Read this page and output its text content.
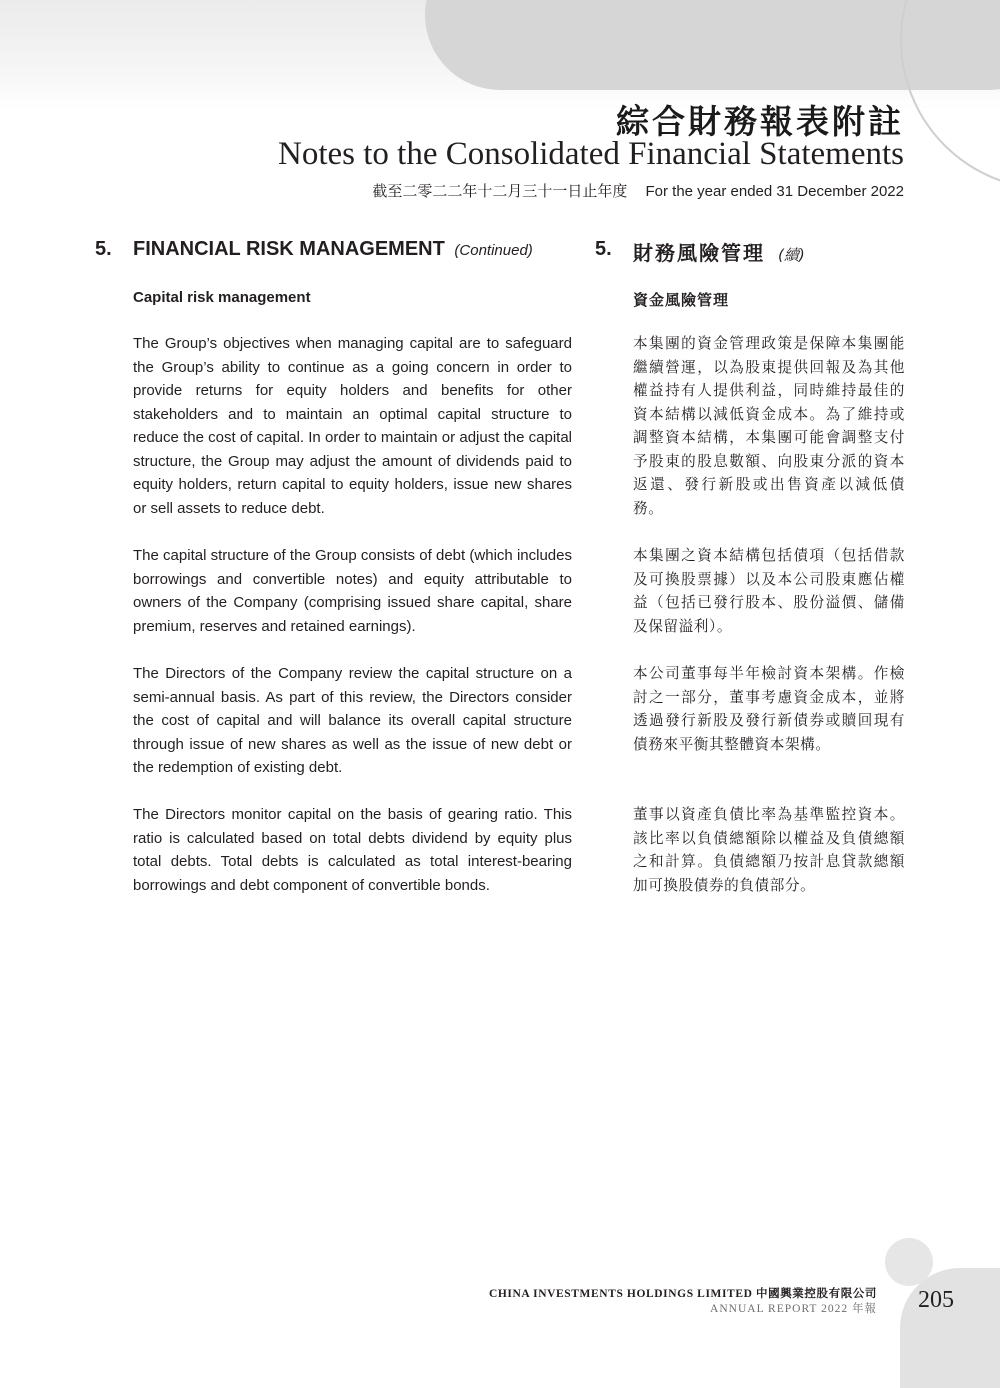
綜合財務報表附註
Notes to the Consolidated Financial Statements
截至二零二二年十二月三十一日止年度 For the year ended 31 December 2022
5. FINANCIAL RISK MANAGEMENT (Continued)	5. 財務風險管理 (續)
Capital risk management	資金風險管理

The Group’s objectives when managing capital are to safeguard the Group’s ability to continue as a going concern in order to provide returns for equity holders and benefits for other stakeholders and to maintain an optimal capital structure to reduce the cost of capital. In order to maintain or adjust the capital structure, the Group may adjust the amount of dividends paid to equity holders, return capital to equity holders, issue new shares or sell assets to reduce debt.

The capital structure of the Group consists of debt (which includes borrowings and convertible notes) and equity attributable to owners of the Company (comprising issued share capital, share premium, reserves and retained earnings).

The Directors of the Company review the capital structure on a semi-annual basis. As part of this review, the Directors consider the cost of capital and will balance its overall capital structure through issue of new shares as well as the issue of new debt or the redemption of existing debt.

The Directors monitor capital on the basis of gearing ratio. This ratio is calculated based on total debts dividend by equity plus total debts. Total debts is calculated as total interest-bearing borrowings and debt component of convertible bonds.

本集團的資金管理政策是保障本集團能繼續營運，以為股東提供回報及為其他權益持有人提供利益，同時維持最佳的資本結構以減低資金成本。為了維持或調整資本結構，本集團可能會調整支付予股東的股息數額、向股東分派的資本返還、發行新股或出售資產以減低債務。

本集團之資本結構包括債項（包括借款及可換股票據）以及本公司股東應佔權益（包括已發行股本、股份溢價、儲備及保留溢利）。

本公司董事每半年檢討資本架構。作檢討之一部分，董事考慮資金成本，並將透過發行新股及發行新債券或贖回現有債務來平衡其整體資本架構。

董事以資產負債比率為基準監控資本。該比率以負債總額除以權益及負債總額之和計算。負債總額乃按計息貸款總額加可換股債券的負債部分。

CHINA INVESTMENTS HOLDINGS LIMITED 中國興業控股有限公司
ANNUAL REPORT 2022 年報 205
